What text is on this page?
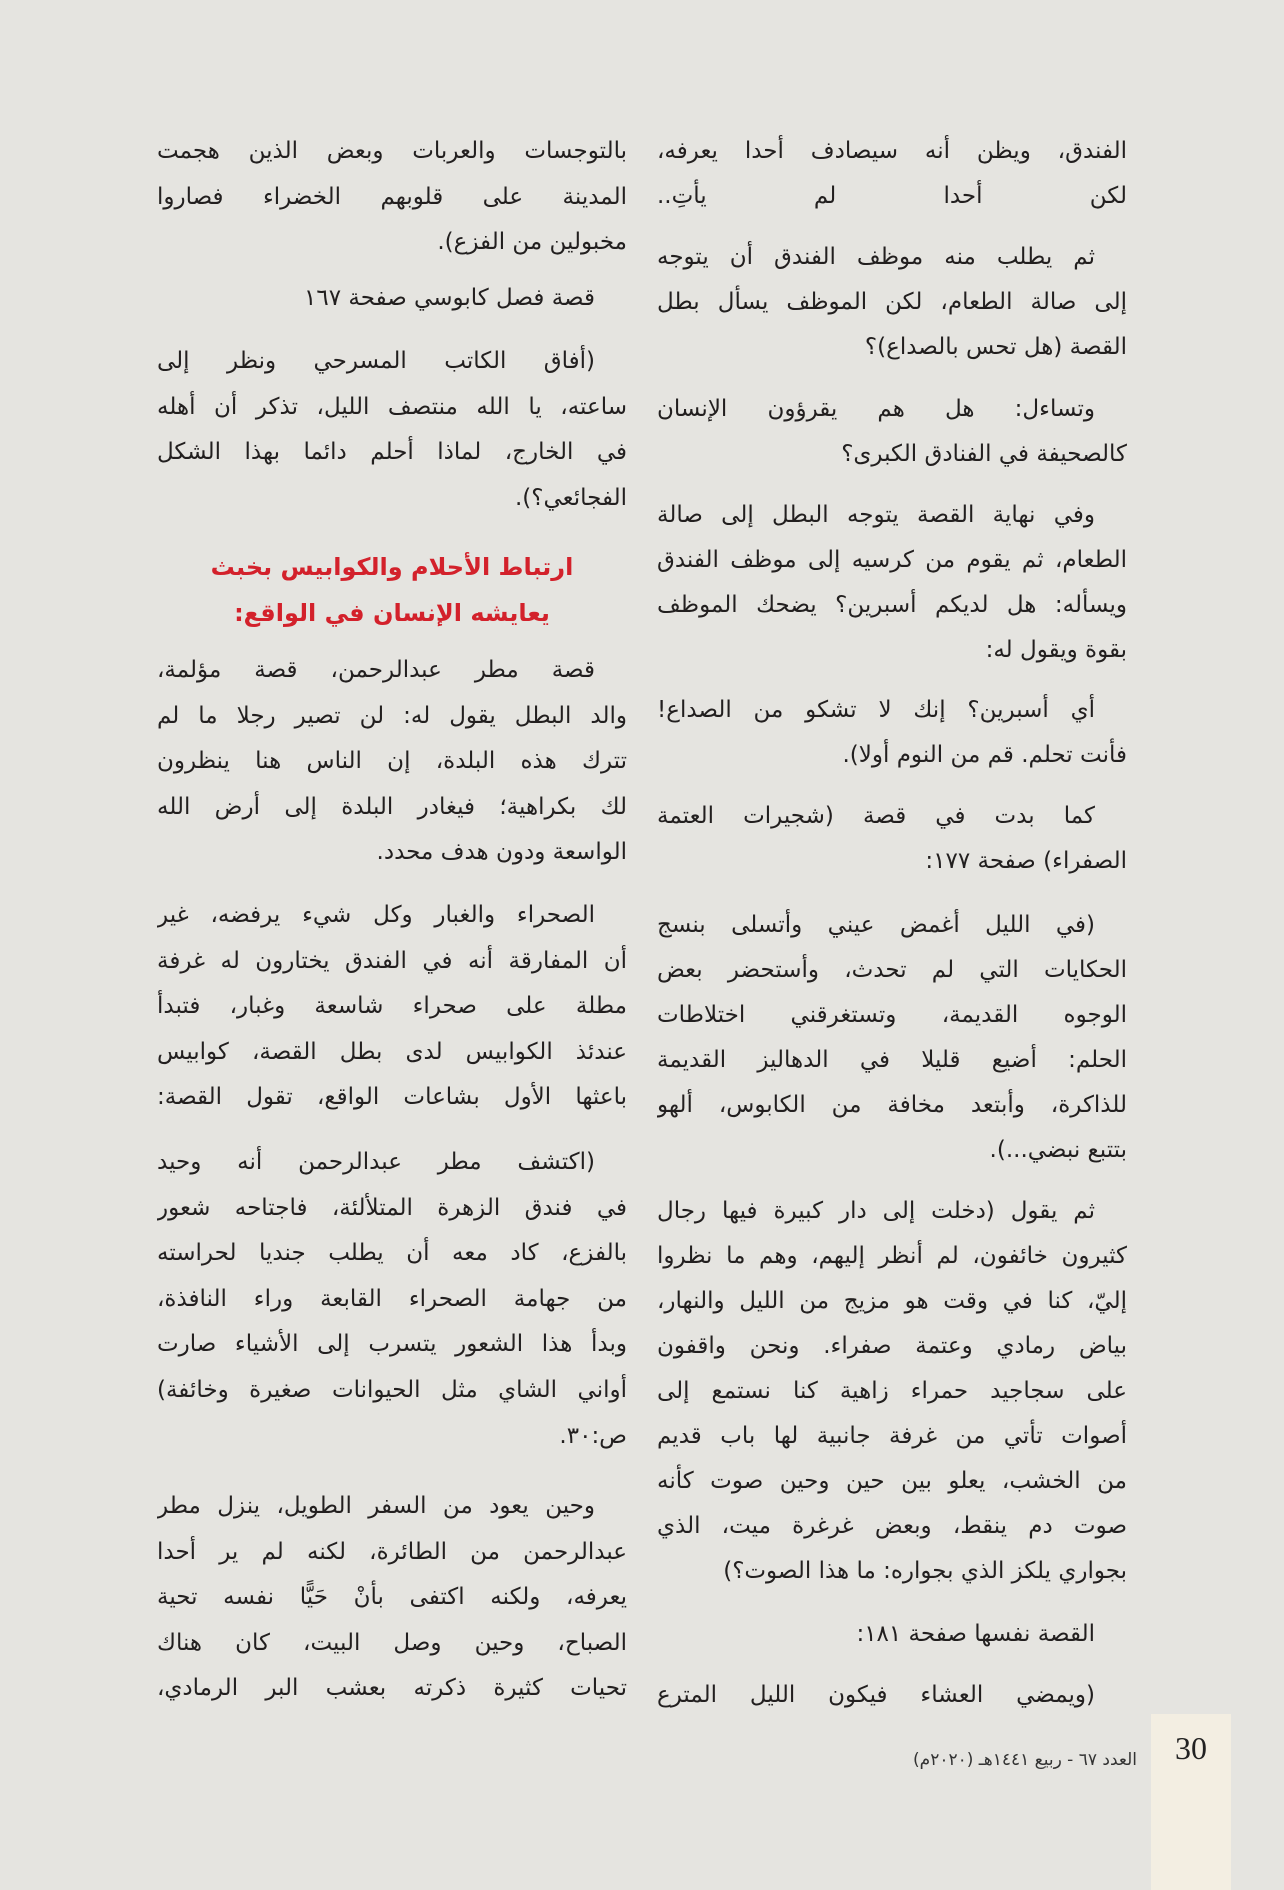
الفندق، ويظن أنه سيصادف أحدا يعرفه،
لكن أحدا لم يأتِ..
ثم يطلب منه موظف الفندق أن يتوجه
إلى صالة الطعام، لكن الموظف يسأل بطل
القصة (هل تحس بالصداع)؟
وتساءل: هل هم يقرؤون الإنسان
كالصحيفة في الفنادق الكبرى؟
وفي نهاية القصة يتوجه البطل إلى صالة
الطعام، ثم يقوم من كرسيه إلى موظف الفندق
ويسأله: هل لديكم أسبرين؟ يضحك الموظف
بقوة ويقول له:
أي أسبرين؟ إنك لا تشكو من الصداع!
فأنت تحلم. قم من النوم أولا).
كما بدت في قصة (شجيرات العتمة
الصفراء) صفحة ١٧٧:
(في الليل أغمض عيني وأتسلى بنسج
الحكايات التي لم تحدث، وأستحضر بعض
الوجوه القديمة، وتستغرقني اختلاطات
الحلم: أضيع قليلا في الدهاليز القديمة
للذاكرة، وأبتعد مخافة من الكابوس، ألهو
بتتبع نبضي...).
ثم يقول (دخلت إلى دار كبيرة فيها رجال
كثيرون خائفون، لم أنظر إليهم، وهم ما نظروا
إليّ، كنا في وقت هو مزيج من الليل والنهار،
بياض رمادي وعتمة صفراء. ونحن واقفون
على سجاجيد حمراء زاهية كنا نستمع إلى
أصوات تأتي من غرفة جانبية لها باب قديم
من الخشب، يعلو بين حين وحين صوت كأنه
صوت دم ينقط، وبعض غرغرة ميت، الذي
بجواري يلكز الذي بجواره: ما هذا الصوت؟)
القصة نفسها صفحة ١٨١:
(ويمضي العشاء فيكون الليل المترع
بالتوجسات والعربات وبعض الذين هجمت
المدينة على قلوبهم الخضراء فصاروا
مخبولين من الفزع).
قصة فصل كابوسي صفحة ١٦٧
(أفاق الكاتب المسرحي ونظر إلى
ساعته، يا الله منتصف الليل، تذكر أن أهله
في الخارج، لماذا أحلم دائما بهذا الشكل
الفجائعي؟).
ارتباط الأحلام والكوابيس بخبث
يعايشه الإنسان في الواقع:
قصة مطر عبدالرحمن، قصة مؤلمة،
والد البطل يقول له: لن تصير رجلا ما لم
تترك هذه البلدة، إن الناس هنا ينظرون
لك بكراهية؛ فيغادر البلدة إلى أرض الله
الواسعة ودون هدف محدد.
الصحراء والغبار وكل شيء يرفضه، غير
أن المفارقة أنه في الفندق يختارون له غرفة
مطلة على صحراء شاسعة وغبار، فتبدأ
عندئذ الكوابيس لدى بطل القصة، كوابيس
باعثها الأول بشاعات الواقع، تقول القصة:
(اكتشف مطر عبدالرحمن أنه وحيد
في فندق الزهرة المتلألئة، فاجتاحه شعور
بالفزع، كاد معه أن يطلب جنديا لحراسته
من جهامة الصحراء القابعة وراء النافذة،
وبدأ هذا الشعور يتسرب إلى الأشياء صارت
أواني الشاي مثل الحيوانات صغيرة وخائفة)
ص:٣٠.
وحين يعود من السفر الطويل، ينزل مطر
عبدالرحمن من الطائرة، لكنه لم ير أحدا
يعرفه، ولكنه اكتفى بأنْ حَيًّا نفسه تحية
الصباح، وحين وصل البيت، كان هناك
تحيات كثيرة ذكرته بعشب البر الرمادي،
العدد ٦٧ - ربيع ١٤٤١هـ (٢٠٢٠م)	30
